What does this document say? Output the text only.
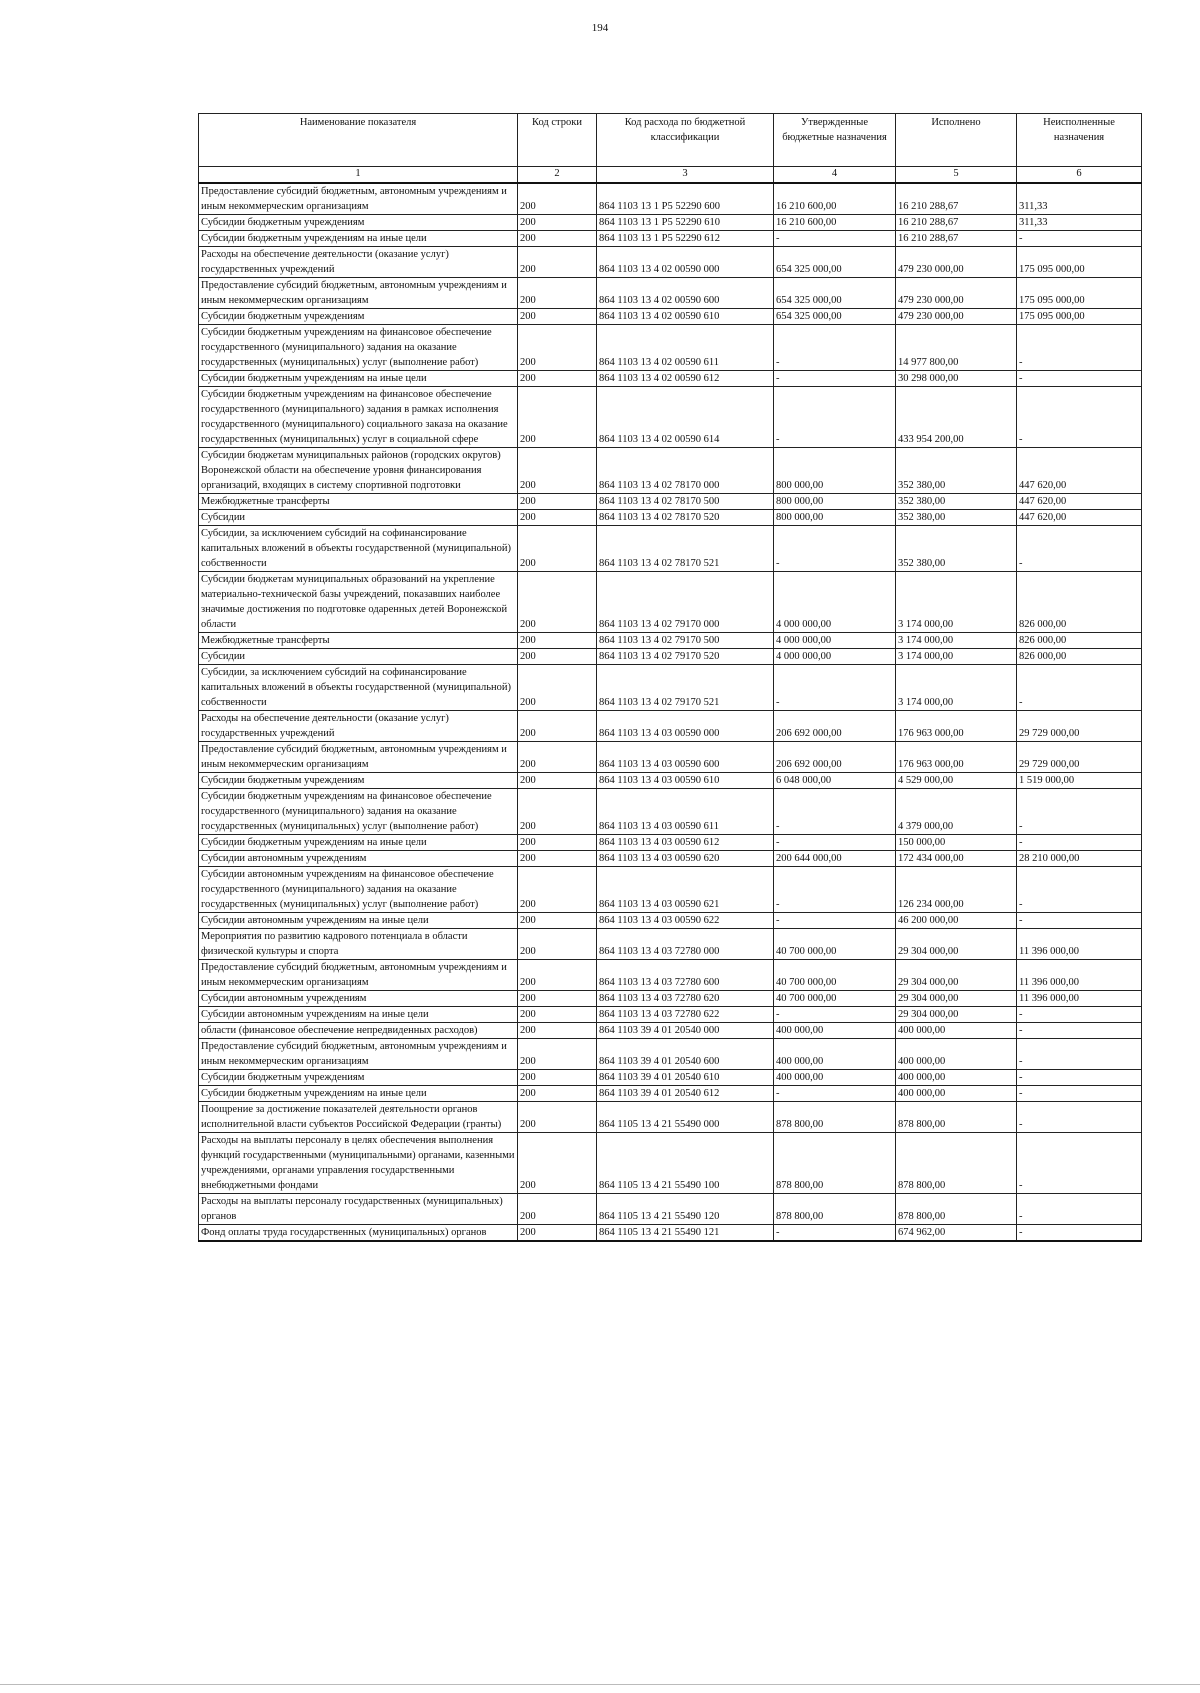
194
Наименование показателя	Код строки	Код расхода по бюджетной классификации	Утвержденные бюджетные назначения	Исполнено	Неисполненные назначения
1	2	3	4	5	6
Предоставление субсидий бюджетным, автономным учреждениям и иным некоммерческим организациям	200	864 1103 13 1 P5 52290 600	16 210 600,00	16 210 288,67	311,33
Субсидии бюджетным учреждениям	200	864 1103 13 1 P5 52290 610	16 210 600,00	16 210 288,67	311,33
Субсидии бюджетным учреждениям на иные цели	200	864 1103 13 1 P5 52290 612	-	16 210 288,67	-
Расходы на обеспечение деятельности (оказание услуг) государственных учреждений	200	864 1103 13 4 02 00590 000	654 325 000,00	479 230 000,00	175 095 000,00
Предоставление субсидий бюджетным, автономным учреждениям и иным некоммерческим организациям	200	864 1103 13 4 02 00590 600	654 325 000,00	479 230 000,00	175 095 000,00
Субсидии бюджетным учреждениям	200	864 1103 13 4 02 00590 610	654 325 000,00	479 230 000,00	175 095 000,00
Субсидии бюджетным учреждениям на финансовое обеспечение государственного (муниципального) задания на оказание государственных (муниципальных) услуг (выполнение работ)	200	864 1103 13 4 02 00590 611	-	14 977 800,00	-
Субсидии бюджетным учреждениям на иные цели	200	864 1103 13 4 02 00590 612	-	30 298 000,00	-
Субсидии бюджетным учреждениям на финансовое обеспечение государственного (муниципального) задания в рамках исполнения государственного (муниципального) социального заказа на оказание государственных (муниципальных) услуг в социальной сфере	200	864 1103 13 4 02 00590 614	-	433 954 200,00	-
Субсидии бюджетам муниципальных районов (городских округов) Воронежской области на обеспечение уровня финансирования организаций, входящих в систему спортивной подготовки	200	864 1103 13 4 02 78170 000	800 000,00	352 380,00	447 620,00
Межбюджетные трансферты	200	864 1103 13 4 02 78170 500	800 000,00	352 380,00	447 620,00
Субсидии	200	864 1103 13 4 02 78170 520	800 000,00	352 380,00	447 620,00
Субсидии, за исключением субсидий на софинансирование капитальных вложений в объекты государственной (муниципальной) собственности	200	864 1103 13 4 02 78170 521	-	352 380,00	-
Субсидии бюджетам муниципальных образований на укрепление материально-технической базы учреждений, показавших наиболее значимые достижения по подготовке одаренных детей Воронежской области	200	864 1103 13 4 02 79170 000	4 000 000,00	3 174 000,00	826 000,00
Межбюджетные трансферты	200	864 1103 13 4 02 79170 500	4 000 000,00	3 174 000,00	826 000,00
Субсидии	200	864 1103 13 4 02 79170 520	4 000 000,00	3 174 000,00	826 000,00
Субсидии, за исключением субсидий на софинансирование капитальных вложений в объекты государственной (муниципальной) собственности	200	864 1103 13 4 02 79170 521	-	3 174 000,00	-
Расходы на обеспечение деятельности (оказание услуг) государственных учреждений	200	864 1103 13 4 03 00590 000	206 692 000,00	176 963 000,00	29 729 000,00
Предоставление субсидий бюджетным, автономным учреждениям и иным некоммерческим организациям	200	864 1103 13 4 03 00590 600	206 692 000,00	176 963 000,00	29 729 000,00
Субсидии бюджетным учреждениям	200	864 1103 13 4 03 00590 610	6 048 000,00	4 529 000,00	1 519 000,00
Субсидии бюджетным учреждениям на финансовое обеспечение государственного (муниципального) задания на оказание государственных (муниципальных) услуг (выполнение работ)	200	864 1103 13 4 03 00590 611	-	4 379 000,00	-
Субсидии бюджетным учреждениям на иные цели	200	864 1103 13 4 03 00590 612	-	150 000,00	-
Субсидии автономным учреждениям	200	864 1103 13 4 03 00590 620	200 644 000,00	172 434 000,00	28 210 000,00
Субсидии автономным учреждениям на финансовое обеспечение государственного (муниципального) задания на оказание государственных (муниципальных) услуг (выполнение работ)	200	864 1103 13 4 03 00590 621	-	126 234 000,00	-
Субсидии автономным учреждениям на иные цели	200	864 1103 13 4 03 00590 622	-	46 200 000,00	-
Мероприятия по развитию кадрового потенциала в области физической культуры и спорта	200	864 1103 13 4 03 72780 000	40 700 000,00	29 304 000,00	11 396 000,00
Предоставление субсидий бюджетным, автономным учреждениям и иным некоммерческим организациям	200	864 1103 13 4 03 72780 600	40 700 000,00	29 304 000,00	11 396 000,00
Субсидии автономным учреждениям	200	864 1103 13 4 03 72780 620	40 700 000,00	29 304 000,00	11 396 000,00
Субсидии автономным учреждениям на иные цели	200	864 1103 13 4 03 72780 622	-	29 304 000,00	-
области (финансовое обеспечение непредвиденных расходов)	200	864 1103 39 4 01 20540 000	400 000,00	400 000,00	-
Предоставление субсидий бюджетным, автономным учреждениям и иным некоммерческим организациям	200	864 1103 39 4 01 20540 600	400 000,00	400 000,00	-
Субсидии бюджетным учреждениям	200	864 1103 39 4 01 20540 610	400 000,00	400 000,00	-
Субсидии бюджетным учреждениям на иные цели	200	864 1103 39 4 01 20540 612	-	400 000,00	-
Поощрение за достижение показателей деятельности органов исполнительной власти субъектов Российской Федерации (гранты)	200	864 1105 13 4 21 55490 000	878 800,00	878 800,00	-
Расходы на выплаты персоналу в целях обеспечения выполнения функций государственными (муниципальными) органами, казенными учреждениями, органами управления государственными внебюджетными фондами	200	864 1105 13 4 21 55490 100	878 800,00	878 800,00	-
Расходы на выплаты персоналу государственных (муниципальных) органов	200	864 1105 13 4 21 55490 120	878 800,00	878 800,00	-
Фонд оплаты труда государственных (муниципальных) органов	200	864 1105 13 4 21 55490 121	-	674 962,00	-
